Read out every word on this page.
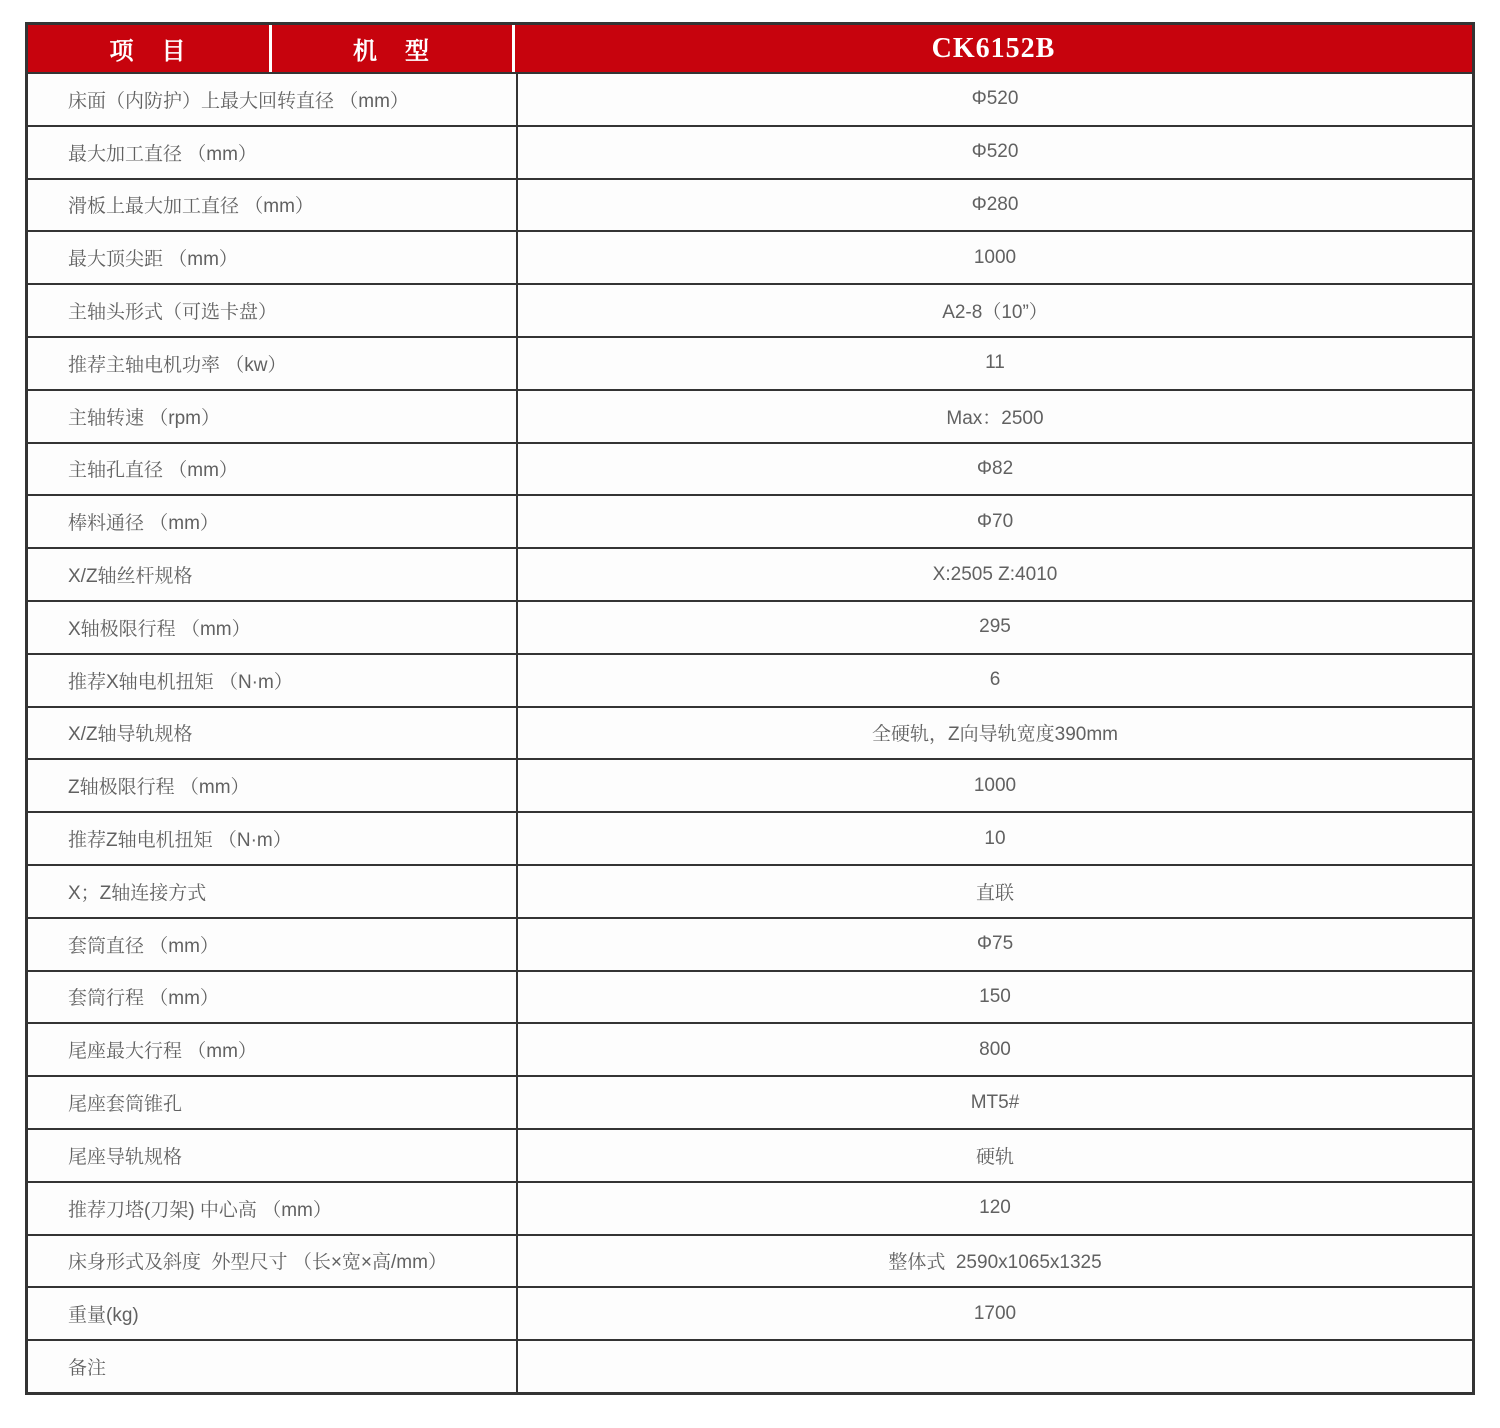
项　目	机　型	CK6152B
床面（内防护）上最大回转直径 （mm）	Φ520
最大加工直径 （mm）	Φ520
滑板上最大加工直径 （mm）	Φ280
最大顶尖距 （mm）	1000
主轴头形式（可选卡盘）	A2-8（10”）
推荐主轴电机功率 （kw）	11
主轴转速 （rpm）	Max：2500
主轴孔直径 （mm）	Φ82
棒料通径 （mm）	Φ70
X/Z轴丝杆规格	X:2505 Z:4010
X轴极限行程 （mm）	295
推荐X轴电机扭矩 （N·m）	6
X/Z轴导轨规格	全硬轨，Z向导轨宽度390mm
Z轴极限行程 （mm）	1000
推荐Z轴电机扭矩 （N·m）	10
X；Z轴连接方式	直联
套筒直径 （mm）	Φ75
套筒行程 （mm）	150
尾座最大行程 （mm）	800
尾座套筒锥孔	MT5#
尾座导轨规格	硬轨
推荐刀塔(刀架) 中心高 （mm）	120
床身形式及斜度  外型尺寸 （长×宽×高/mm）	整体式  2590x1065x1325
重量(kg)	1700
备注
